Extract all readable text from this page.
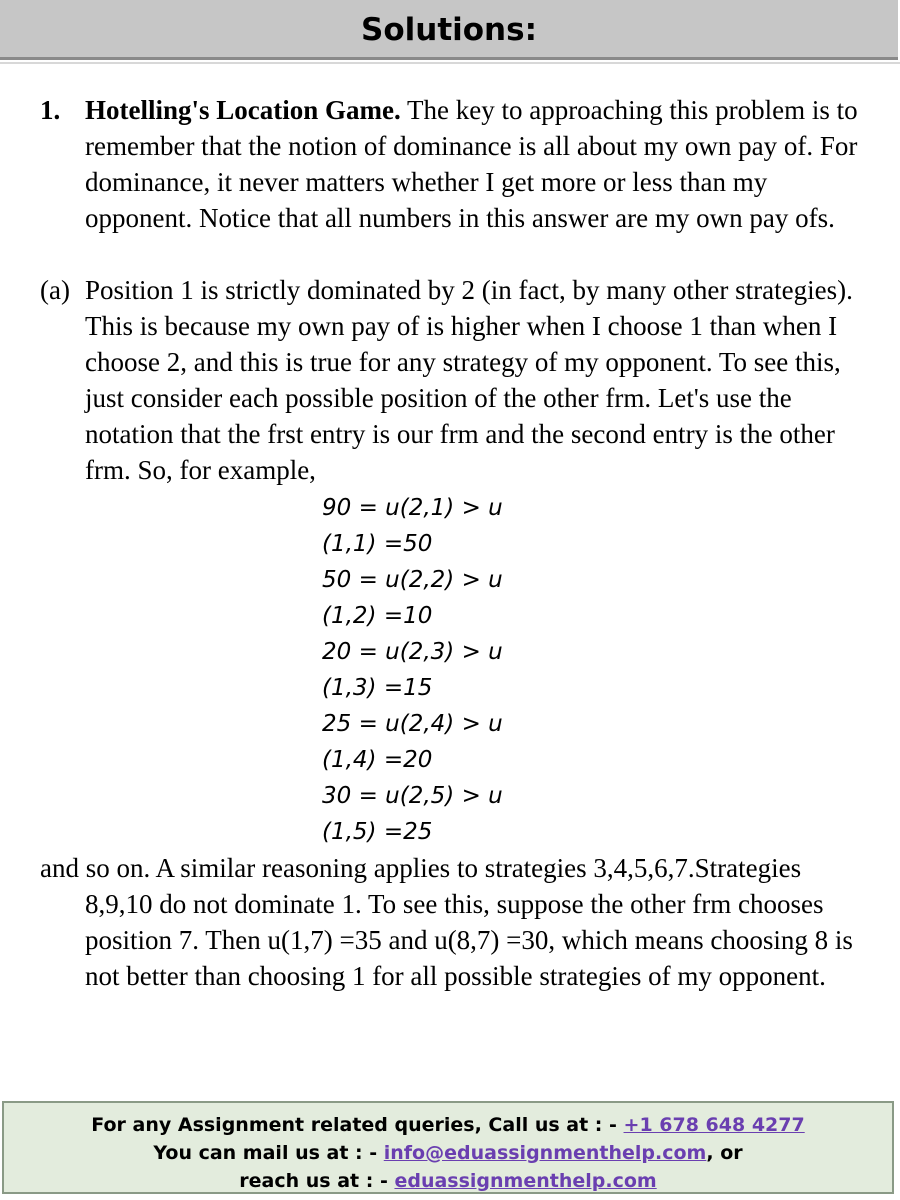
Solutions:
1. Hotelling's Location Game. The key to approaching this problem is to remember that the notion of dominance is all about my own pay of. For dominance, it never matters whether I get more or less than my opponent. Notice that all numbers in this answer are my own pay ofs.
(a) Position 1 is strictly dominated by 2 (in fact, by many other strategies). This is because my own pay of is higher when I choose 1 than when I choose 2, and this is true for any strategy of my opponent. To see this, just consider each possible position of the other frm. Let's use the notation that the frst entry is our frm and the second entry is the other frm. So, for example,
90 = u(2,1) > u
(1,1) =50
50 = u(2,2) > u
(1,2) =10
20 = u(2,3) > u
(1,3) =15
25 = u(2,4) > u
(1,4) =20
30 = u(2,5) > u
(1,5) =25
and so on. A similar reasoning applies to strategies 3,4,5,6,7.Strategies 8,9,10 do not dominate 1. To see this, suppose the other frm chooses position 7. Then u(1,7) =35 and u(8,7) =30, which means choosing 8 is not better than choosing 1 for all possible strategies of my opponent.
For any Assignment related queries, Call us at : - +1 678 648 4277
You can mail us at : - info@eduassignmenthelp.com, or
reach us at : - eduassignmenthelp.com
